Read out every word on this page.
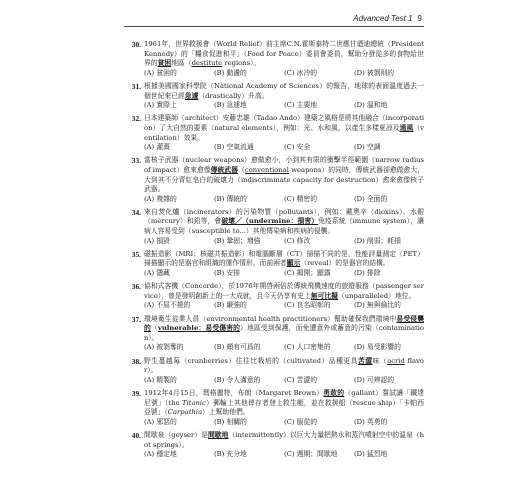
Advanced Test 1 9
30. 1961年，世界救援會（World Relief）前主席C.N.霍斯泰特二世應甘迺迪總統（President Kennedy）的「糧食促進和平」（Food for Peace）委員會委員，幫助分發從多的食物給世界的貧困地區（destitute regions）。
(A) 貧困的	(B) 動盪的	(C) 冰冷的	(D) 被剝削的
31. 根據美國國家科學院（National Academy of Sciences）的報告，地球的表面溫度過去一個世紀來已經急遽（drastically）升高。
(A) 實際上	(B) 急遽地	(C) 主要地	(D) 溫和地
32. 日本建築師（architect）安藤忠雄（Tadao Ando）建築之風格是將其他融合（incorporation）了大自然的要素（natural elements），例如：光、水和風，以產生多樣夏涼及通風（ventilation）效果。
(A) 灌溉	(B) 空氣流通	(C) 安全	(D) 空調
33. 當核子武器（nuclear weapons）愈做愈小，小到其有限的衝擊半徑範圍（narrow radius of impact）愈來愈像傳統武器（conventional weapons）的同時，傳統武器卻愈做愈大，大到其不分青紅皂白的破壞力（indiscriminate capacity for destruction）愈來愈像核子武器。
(A) 複雜的	(B) 傳統的	(C) 精密的	(D) 全面的
34. 來自焚化爐（incinerators）的污染物質（pollutants），例如：戴奧辛（dioxins）、水銀（mercury）和鉛等，會破壞／（undermine：損害）免疫系統（immune system），讓病人容易受到（susceptible to...）其他傳染病和疾病的侵襲。
(A) 損毀	(B) 鞏固；增強	(C) 修改	(D) 削弱；耗損
35. 磁振造影（MRI；核磁共振造影）和電腦斷層（CT）掃描不同的是，性能評量測定（PET）掃描顯示的是器官和組織的運作情形，而前兩者顯示（reveal）的是器官的結構。
(A) 隱藏	(B) 安排	(C) 揭開；顯露	(D) 排除
36. 協和式客機（Concorde），於1976年開啓兩倍於傳統飛機速度的旅遊服務（passenger service），曾是發明創新上的一大成就，且今天仍享有史上無可比擬（unparalleled）地位。
(A) 不屈不撓的	(B) 嚴強的	(C) 良名昭彰的	(D) 無與倫比的
37. 環境衛生從業人員（environmental health practitioners）幫助確保我們環境中易受侵襲的（vulnerable：易受傷害的）地區受到保護，而免遭意外或蓄意的污染（contamination）。
(A) 被剝奪的	(B) 頗有可爲的	(C) 人口密集的	(D) 易受影響的
38. 野生蔓越莓（cranberries）往往比栽培的（cultivated）品種更具苦澀味（acrid flavor）。
(A) 精製的	(B) 令人滿意的	(C) 苦澀的	(D) 可辨認的
39. 1912年4月15日，瑪格麗特，布朗（Margaret Brown）勇敢的（gallant）嘗試讓「鐵達尼號」（the Titanic）郵輪上其他倖存者登上救生艇，並在救援船（rescue ship）「卡帕西亞號」（Carpathia）上幫助他們。
(A) 邪惡的	(B) 相關的	(C) 服從的	(D) 英勇的
40. 間歇泉（geyser）是間歇地（intermittently）以巨大力量把熱水和蒸汽噴射空中的溫泉（hot springs）。
(A) 穩定地	(B) 充分地	(C) 週期；間歇地	(D) 猛烈地
